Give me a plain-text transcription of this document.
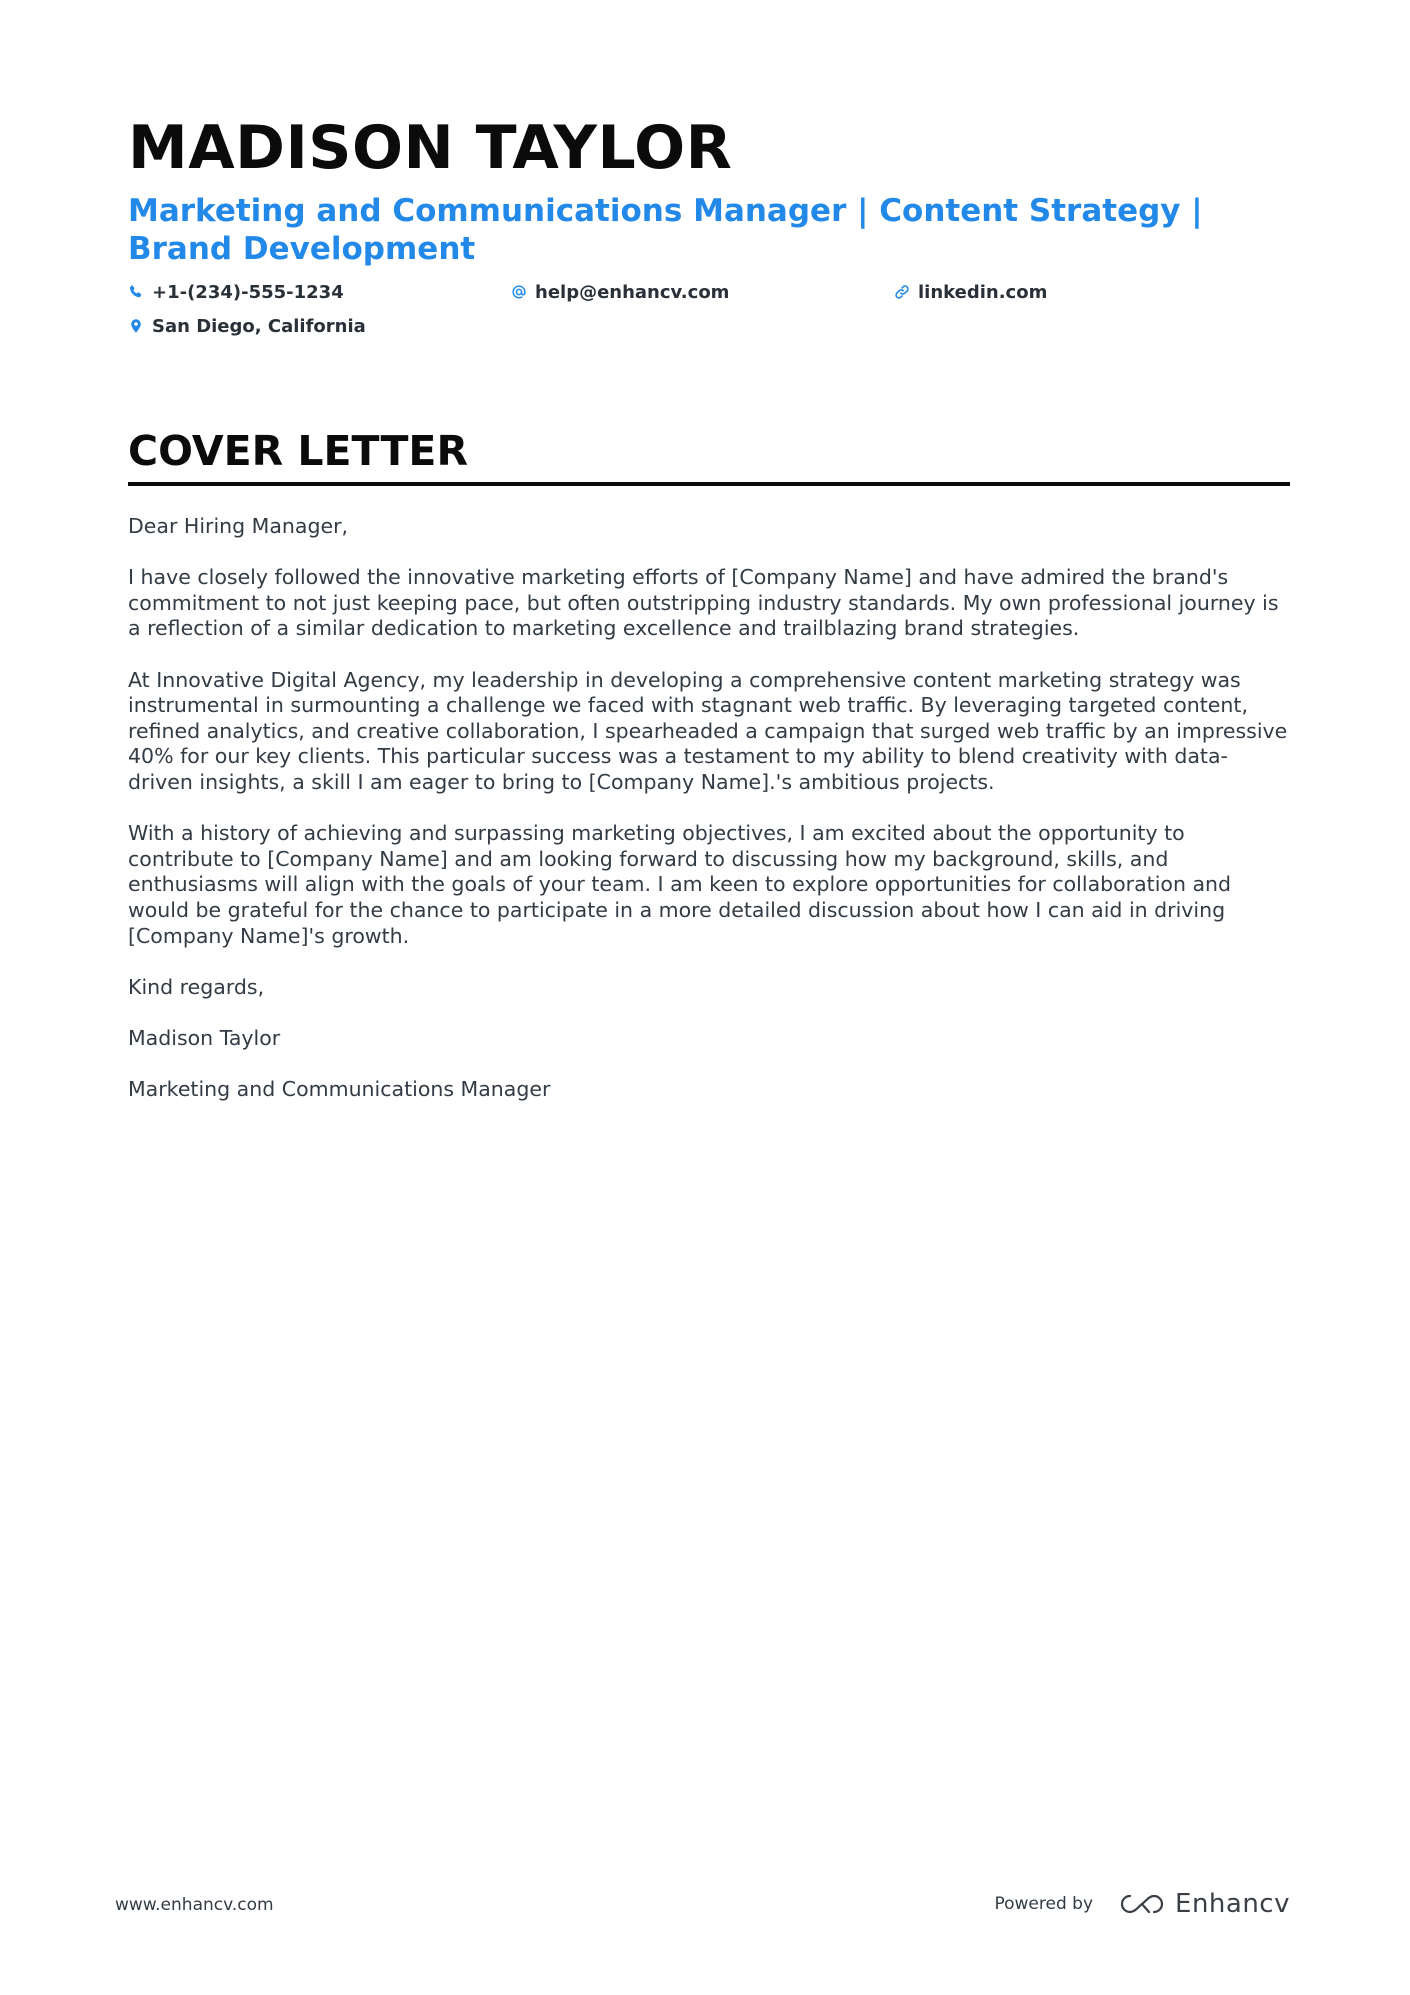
MADISON TAYLOR
Marketing and Communications Manager | Content Strategy | Brand Development
+1-(234)-555-1234	help@enhancv.com	linkedin.com
San Diego, California
COVER LETTER

Dear Hiring Manager,

I have closely followed the innovative marketing efforts of [Company Name] and have admired the brand's commitment to not just keeping pace, but often outstripping industry standards. My own professional journey is a reflection of a similar dedication to marketing excellence and trailblazing brand strategies.

At Innovative Digital Agency, my leadership in developing a comprehensive content marketing strategy was instrumental in surmounting a challenge we faced with stagnant web traffic. By leveraging targeted content, refined analytics, and creative collaboration, I spearheaded a campaign that surged web traffic by an impressive 40% for our key clients. This particular success was a testament to my ability to blend creativity with data-driven insights, a skill I am eager to bring to [Company Name].'s ambitious projects.

With a history of achieving and surpassing marketing objectives, I am excited about the opportunity to contribute to [Company Name] and am looking forward to discussing how my background, skills, and enthusiasms will align with the goals of your team. I am keen to explore opportunities for collaboration and would be grateful for the chance to participate in a more detailed discussion about how I can aid in driving [Company Name]'s growth.

Kind regards,

Madison Taylor

Marketing and Communications Manager

www.enhancv.com	Powered by	Enhancv
